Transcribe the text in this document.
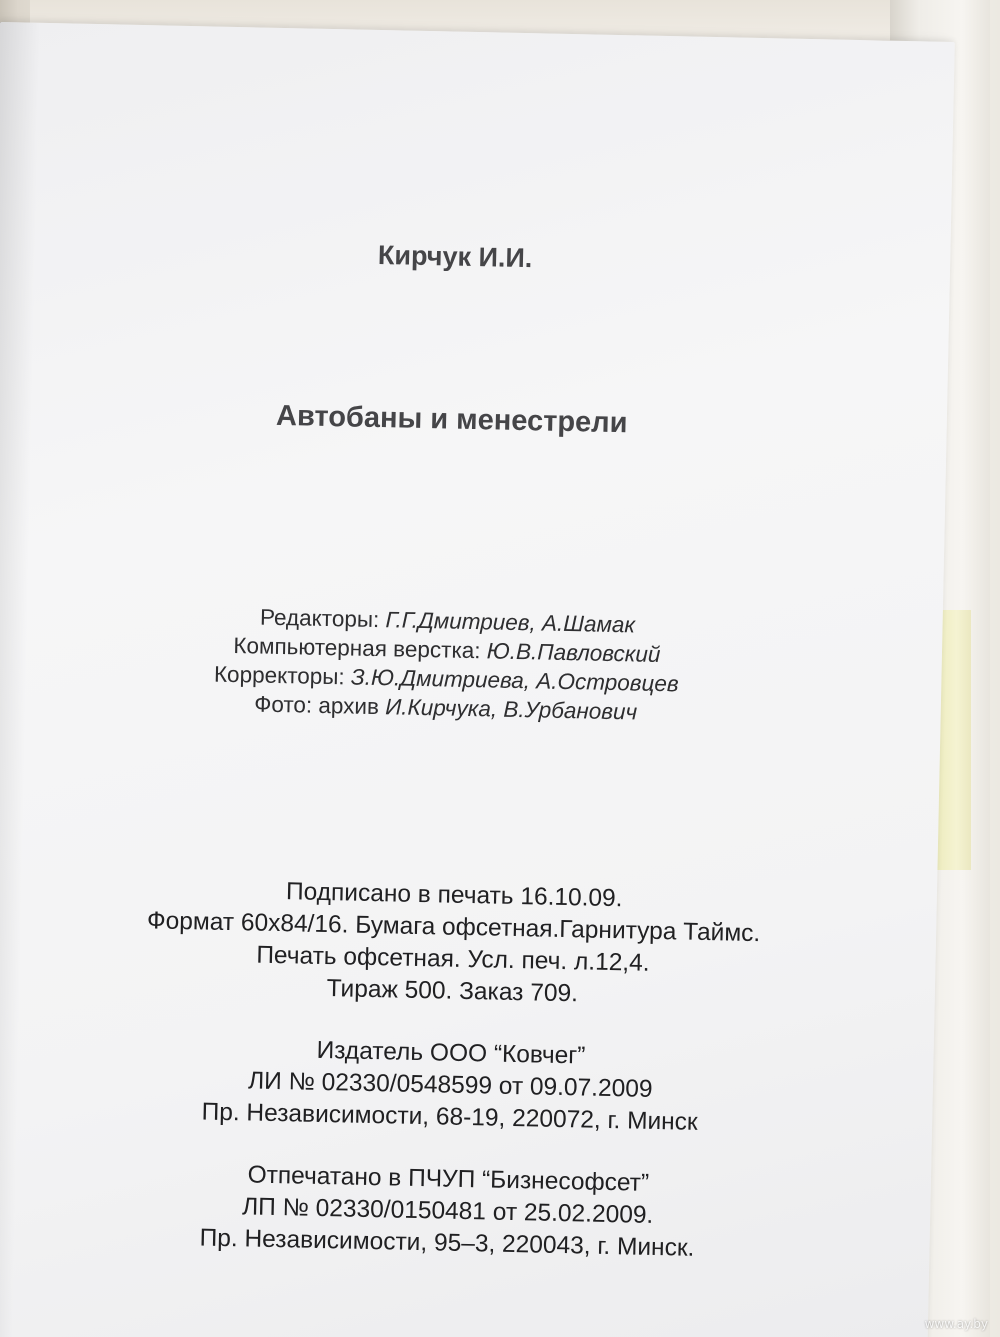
Кирчук И.И.
Автобаны и менестрели
Редакторы: Г.Г.Дмитриев, А.Шамак
Компьютерная верстка: Ю.В.Павловский
Корректоры: З.Ю.Дмитриева, А.Островцев
Фото: архив И.Кирчука, В.Урбанович
Подписано в печать 16.10.09.
Формат 60х84/16. Бумага офсетная.Гарнитура Таймс.
Печать офсетная. Усл. печ. л.12,4.
Тираж 500. Заказ 709.
Издатель ООО “Ковчег”
ЛИ № 02330/0548599 от 09.07.2009
Пр. Независимости, 68-19, 220072, г. Минск
Отпечатано в ПЧУП “Бизнесофсет”
ЛП № 02330/0150481 от 25.02.2009.
Пр. Независимости, 95–3, 220043, г. Минск.
www.ay.by
